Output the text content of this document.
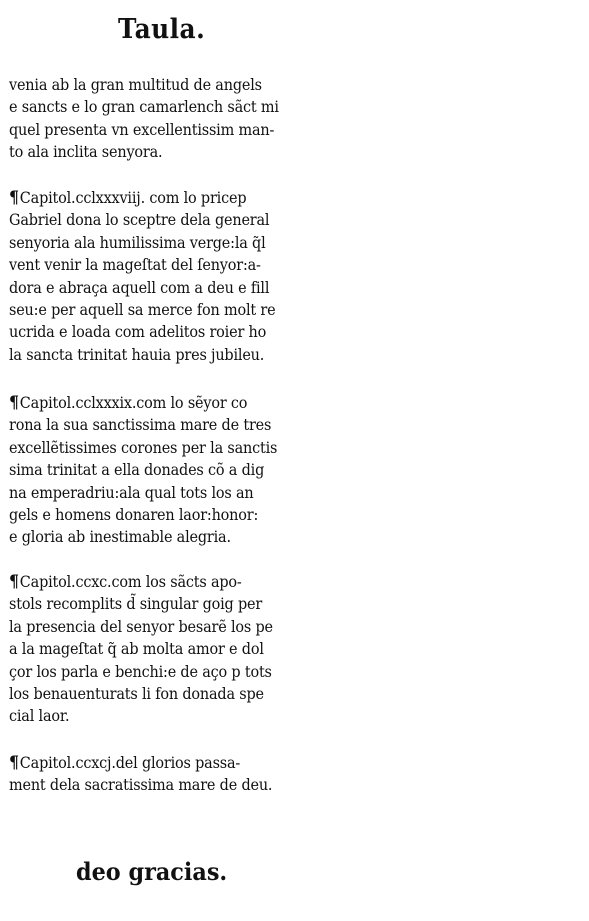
Taula.
venia ab la gran multitud de angels
e sancts e lo gran camarlench sãct mi
quel presenta vn excellentissim man-
to ala inclita senyora.
¶Capitol.cclxxxviij. com lo pricep
Gabriel dona lo sceptre dela general
senyoria ala humilissima verge:la q̃l
vent venir la mageſtat del ſenyor:a-
dora e abraça aquell com a deu e fill
seu:e per aquell sa merce fon molt re
ucrida e loada com adelitos roier ho
la sancta trinitat hauia pres jubileu.
¶Capitol.cclxxxix.com lo sẽyor co
rona la sua sanctissima mare de tres
excellẽtissimes corones per la sanctis
sima trinitat a ella donades cõ a dig
na emperadriu:ala qual tots los an
gels e homens donaren laor:honor:
e gloria ab inestimable alegria.
¶Capitol.ccxc.com los sãcts apo-
stols recomplits d̃ singular goig per
la presencia del senyor besarẽ los pe
a la mageſtat q̃ ab molta amor e dol
çor los parla e benchi:e de aço p tots
los benauenturats li fon donada spe
cial laor.
¶Capitol.ccxcj.del glorios passa-
ment dela sacratissima mare de deu.
deo gracias.
